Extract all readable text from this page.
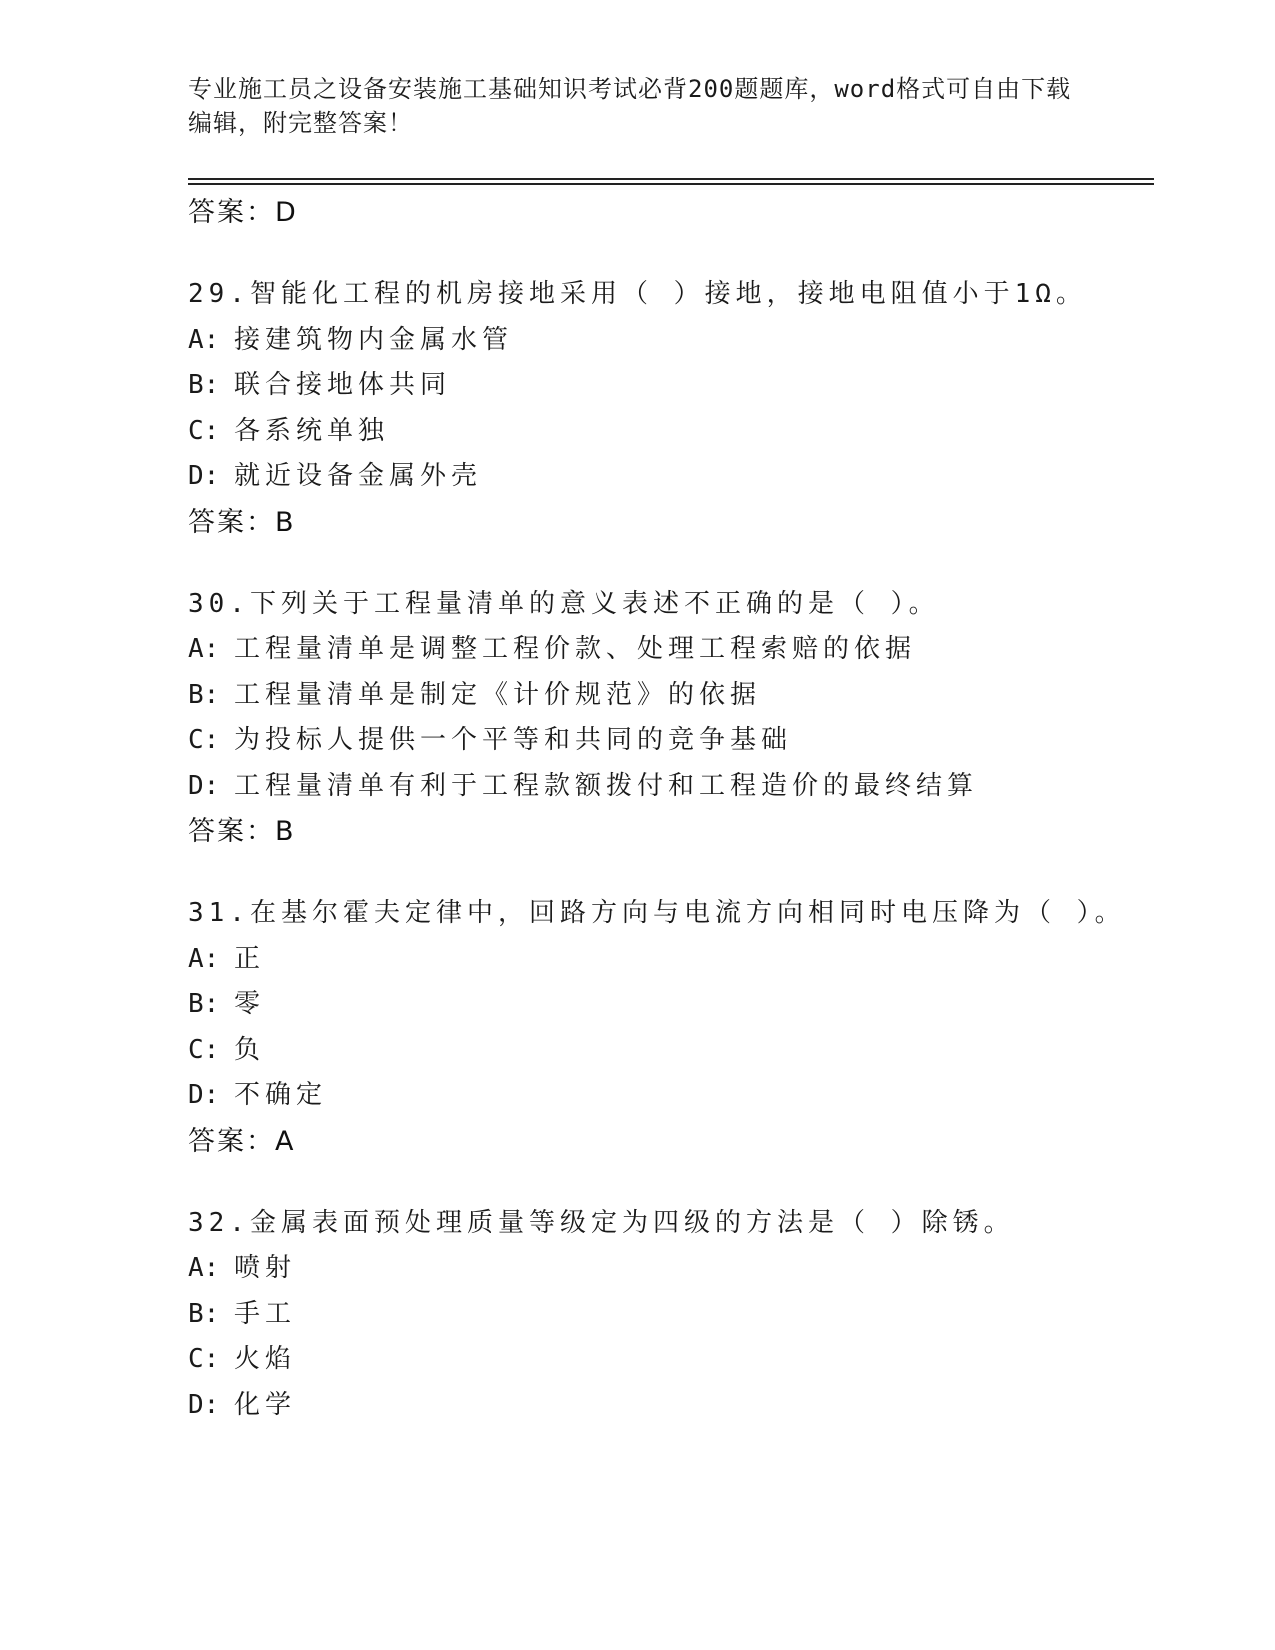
专业施工员之设备安装施工基础知识考试必背200题题库，word格式可自由下载
编辑，附完整答案！
答案：D
29.智能化工程的机房接地采用（ ）接地，接地电阻值小于1Ω。
A: 接建筑物内金属水管
B: 联合接地体共同
C: 各系统单独
D: 就近设备金属外壳
答案：B
30.下列关于工程量清单的意义表述不正确的是（ ）。
A: 工程量清单是调整工程价款、处理工程索赔的依据
B: 工程量清单是制定《计价规范》的依据
C: 为投标人提供一个平等和共同的竞争基础
D: 工程量清单有利于工程款额拨付和工程造价的最终结算
答案：B
31.在基尔霍夫定律中，回路方向与电流方向相同时电压降为（ ）。
A: 正
B: 零
C: 负
D: 不确定
答案：A
32.金属表面预处理质量等级定为四级的方法是（ ）除锈。
A: 喷射
B: 手工
C: 火焰
D: 化学
